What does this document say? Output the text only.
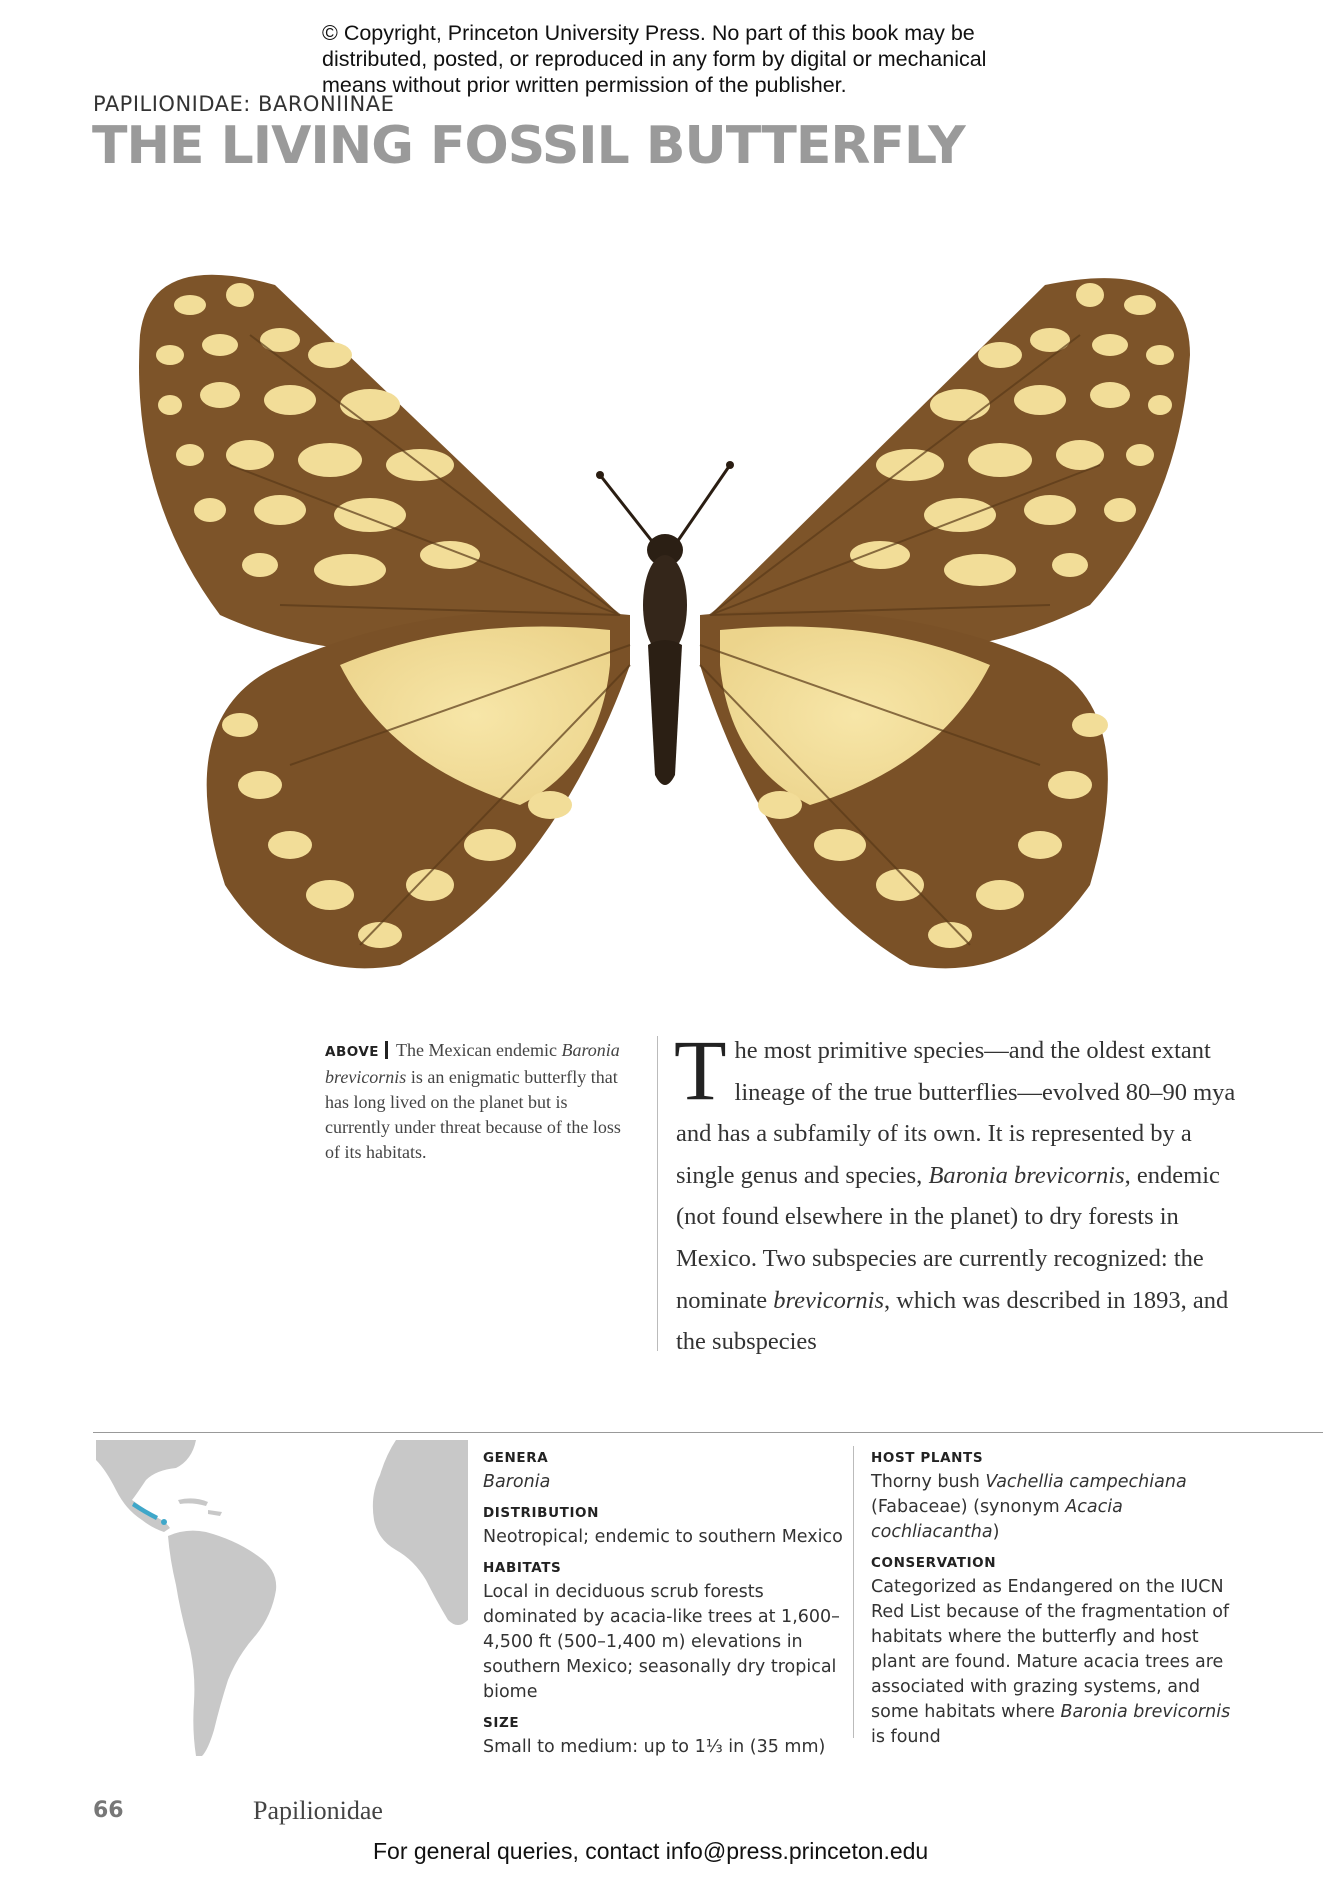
© Copyright, Princeton University Press. No part of this book may be
distributed, posted, or reproduced in any form by digital or mechanical
means without prior written permission of the publisher.
PAPILIONIDAE: BARONIINAE
THE LIVING FOSSIL BUTTERFLY
ABOVE The Mexican endemic Baronia brevicornis is an enigmatic butterfly that has long lived on the planet but is currently under threat because of the loss of its habitats.
The most primitive species—and the oldest extant lineage of the true butterflies—evolved 80–90 mya and has a subfamily of its own. It is represented by a single genus and species, Baronia brevicornis, endemic (not found elsewhere in the planet) to dry forests in Mexico. Two subspecies are currently recognized: the nominate brevicornis, which was described in 1893, and the subspecies
GENERA
Baronia
DISTRIBUTION
Neotropical; endemic to southern Mexico
HABITATS
Local in deciduous scrub forests dominated by acacia-like trees at 1,600–4,500 ft (500–1,400 m) elevations in southern Mexico; seasonally dry tropical biome
SIZE
Small to medium: up to 1⅓ in (35 mm)
HOST PLANTS
Thorny bush Vachellia campechiana (Fabaceae) (synonym Acacia cochliacantha)
CONSERVATION
Categorized as Endangered on the IUCN Red List because of the fragmentation of habitats where the butterfly and host plant are found. Mature acacia trees are associated with grazing systems, and some habitats where Baronia brevicornis is found
66	Papilionidae
For general queries, contact info@press.princeton.edu
